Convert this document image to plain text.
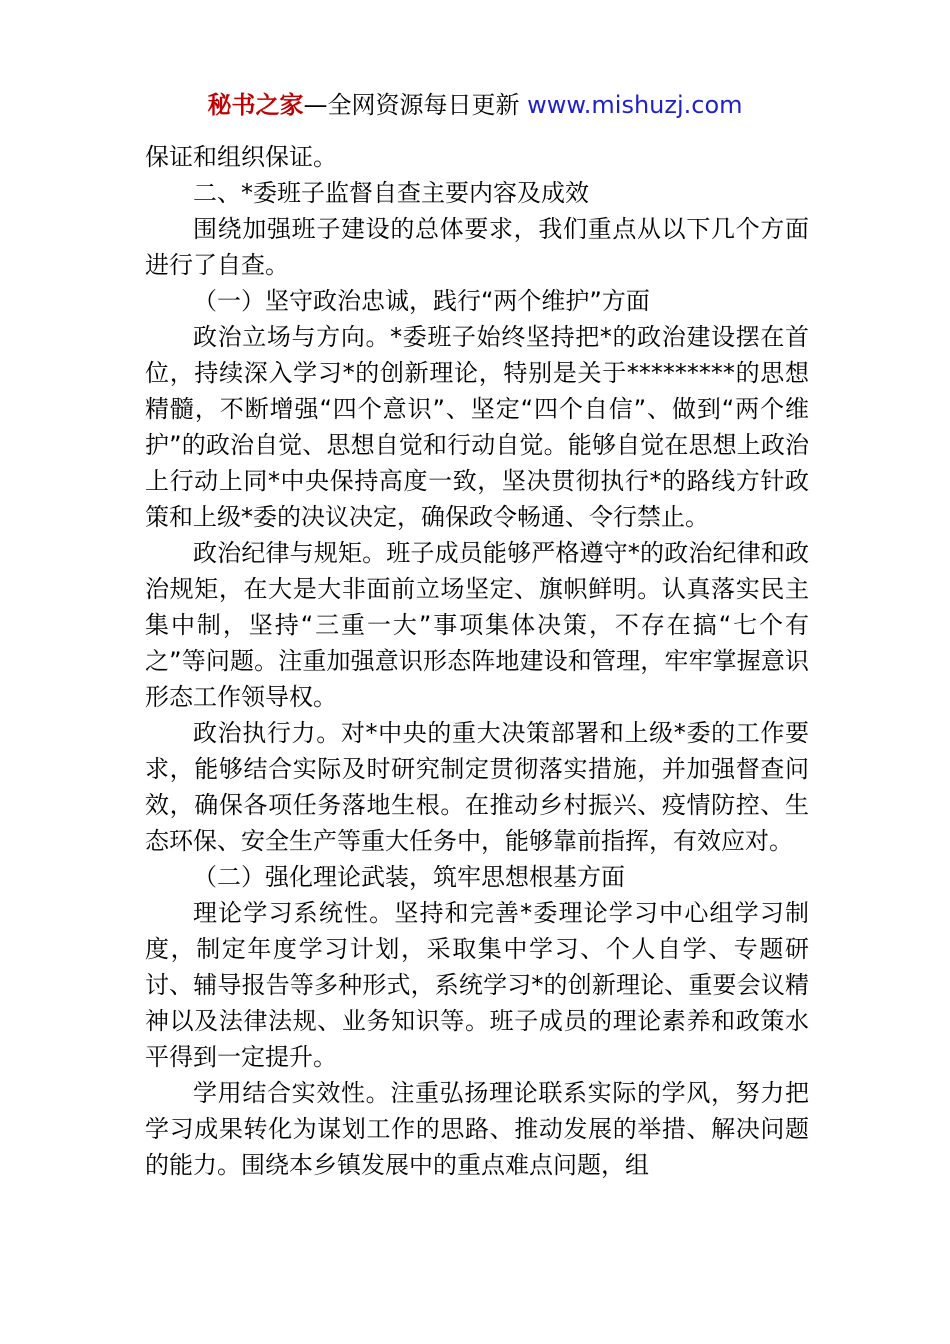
秘书之家—全网资源每日更新 www.mishuzj.com

保证和组织保证。

二、*委班子监督自查主要内容及成效

围绕加强班子建设的总体要求，我们重点从以下几个方面进行了自查。

（一）坚守政治忠诚，践行“两个维护”方面

政治立场与方向。*委班子始终坚持把*的政治建设摆在首位，持续深入学习*的创新理论，特别是关于*********的思想精髓，不断增强“四个意识”、坚定“四个自信”、做到“两个维护”的政治自觉、思想自觉和行动自觉。能够自觉在思想上政治上行动上同*中央保持高度一致，坚决贯彻执行*的路线方针政策和上级*委的决议决定，确保政令畅通、令行禁止。

政治纪律与规矩。班子成员能够严格遵守*的政治纪律和政治规矩，在大是大非面前立场坚定、旗帜鲜明。认真落实民主集中制，坚持“三重一大”事项集体决策，不存在搞“七个有之”等问题。注重加强意识形态阵地建设和管理，牢牢掌握意识形态工作领导权。

政治执行力。对*中央的重大决策部署和上级*委的工作要求，能够结合实际及时研究制定贯彻落实措施，并加强督查问效，确保各项任务落地生根。在推动乡村振兴、疫情防控、生态环保、安全生产等重大任务中，能够靠前指挥，有效应对。

（二）强化理论武装，筑牢思想根基方面

理论学习系统性。坚持和完善*委理论学习中心组学习制度，制定年度学习计划，采取集中学习、个人自学、专题研讨、辅导报告等多种形式，系统学习*的创新理论、重要会议精神以及法律法规、业务知识等。班子成员的理论素养和政策水平得到一定提升。

学用结合实效性。注重弘扬理论联系实际的学风，努力把学习成果转化为谋划工作的思路、推动发展的举措、解决问题的能力。围绕本乡镇发展中的重点难点问题，组
